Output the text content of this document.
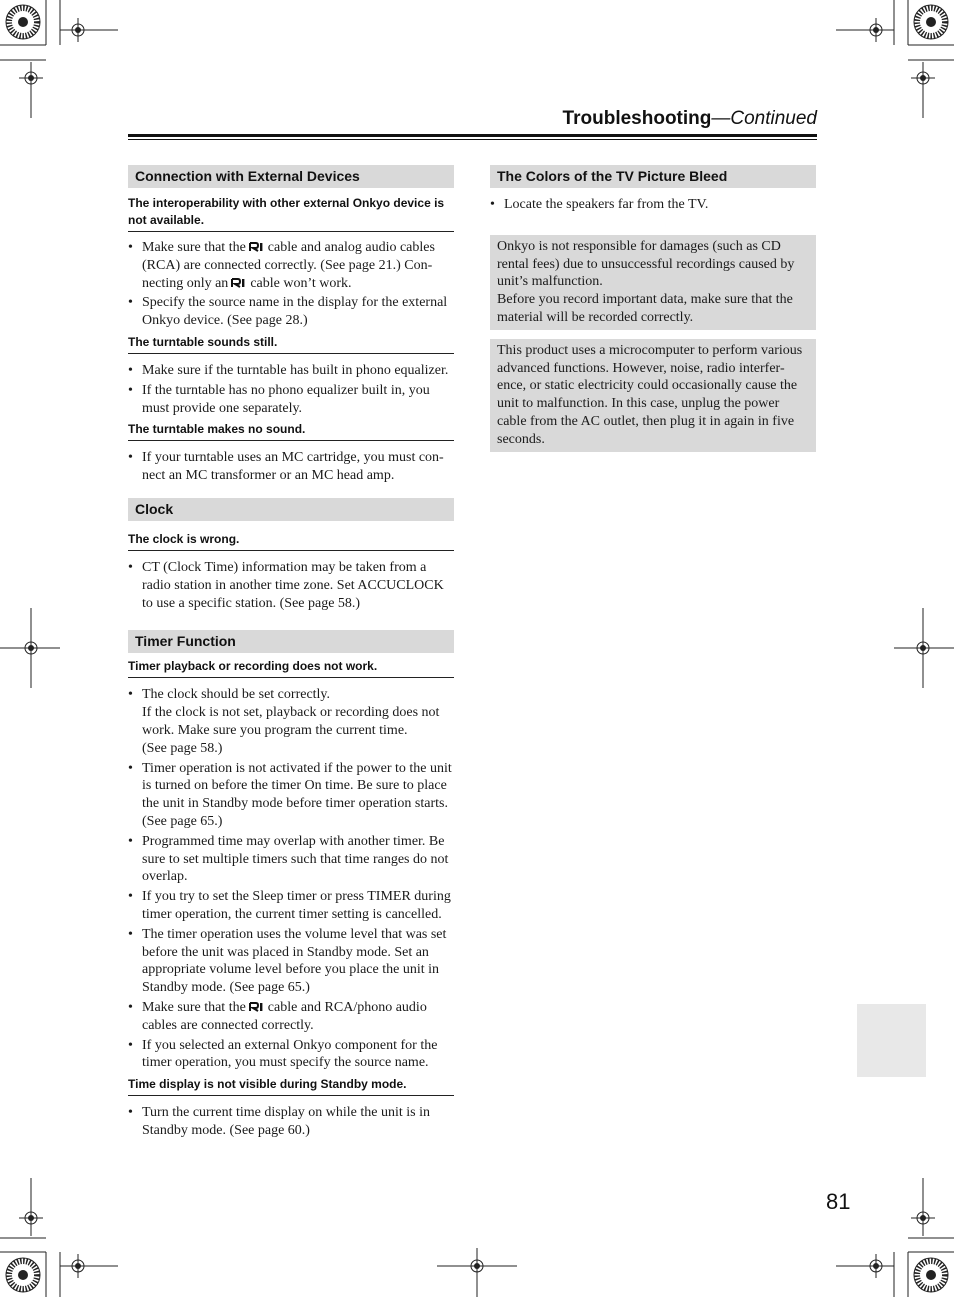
Troubleshooting—Continued
Connection with External Devices
The interoperability with other external Onkyo device is not available.
• Make sure that the cable and analog audio cables (RCA) are connected correctly. (See page 21.) Con-necting only an cable won’t work.
• Specify the source name in the display for the external Onkyo device. (See page 28.)
The turntable sounds still.
• Make sure if the turntable has built in phono equalizer.
• If the turntable has no phono equalizer built in, you must provide one separately.
The turntable makes no sound.
• If your turntable uses an MC cartridge, you must con-nect an MC transformer or an MC head amp.
Clock
The clock is wrong.
• CT (Clock Time) information may be taken from a radio station in another time zone. Set ACCUCLOCK to use a specific station. (See page 58.)
Timer Function
Timer playback or recording does not work.
• The clock should be set correctly.
If the clock is not set, playback or recording does not work. Make sure you program the current time.
(See page 58.)
• Timer operation is not activated if the power to the unit is turned on before the timer On time. Be sure to place the unit in Standby mode before timer operation starts. (See page 65.)
• Programmed time may overlap with another timer. Be sure to set multiple timers such that time ranges do not overlap.
• If you try to set the Sleep timer or press TIMER during timer operation, the current timer setting is cancelled.
• The timer operation uses the volume level that was set before the unit was placed in Standby mode. Set an appropriate volume level before you place the unit in Standby mode. (See page 65.)
• Make sure that the cable and RCA/phono audio cables are connected correctly.
• If you selected an external Onkyo component for the timer operation, you must specify the source name.
Time display is not visible during Standby mode.
• Turn the current time display on while the unit is in Standby mode. (See page 60.)
The Colors of the TV Picture Bleed
• Locate the speakers far from the TV.
Onkyo is not responsible for damages (such as CD rental fees) due to unsuccessful recordings caused by unit’s malfunction.
Before you record important data, make sure that the material will be recorded correctly.
This product uses a microcomputer to perform various advanced functions. However, noise, radio interfer-ence, or static electricity could occasionally cause the unit to malfunction. In this case, unplug the power cable from the AC outlet, then plug it in again in five seconds.
81
